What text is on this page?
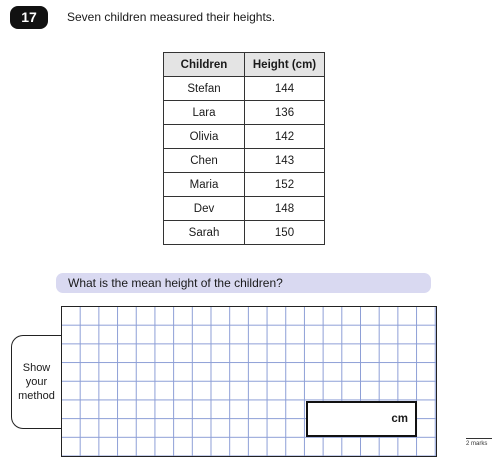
17	Seven children measured their heights.
Children	Height (cm)
Stefan	144
Lara	136
Olivia	142
Chen	143
Maria	152
Dev	148
Sarah	150
What is the mean height of the children?
Show
your
method
cm
2 marks
